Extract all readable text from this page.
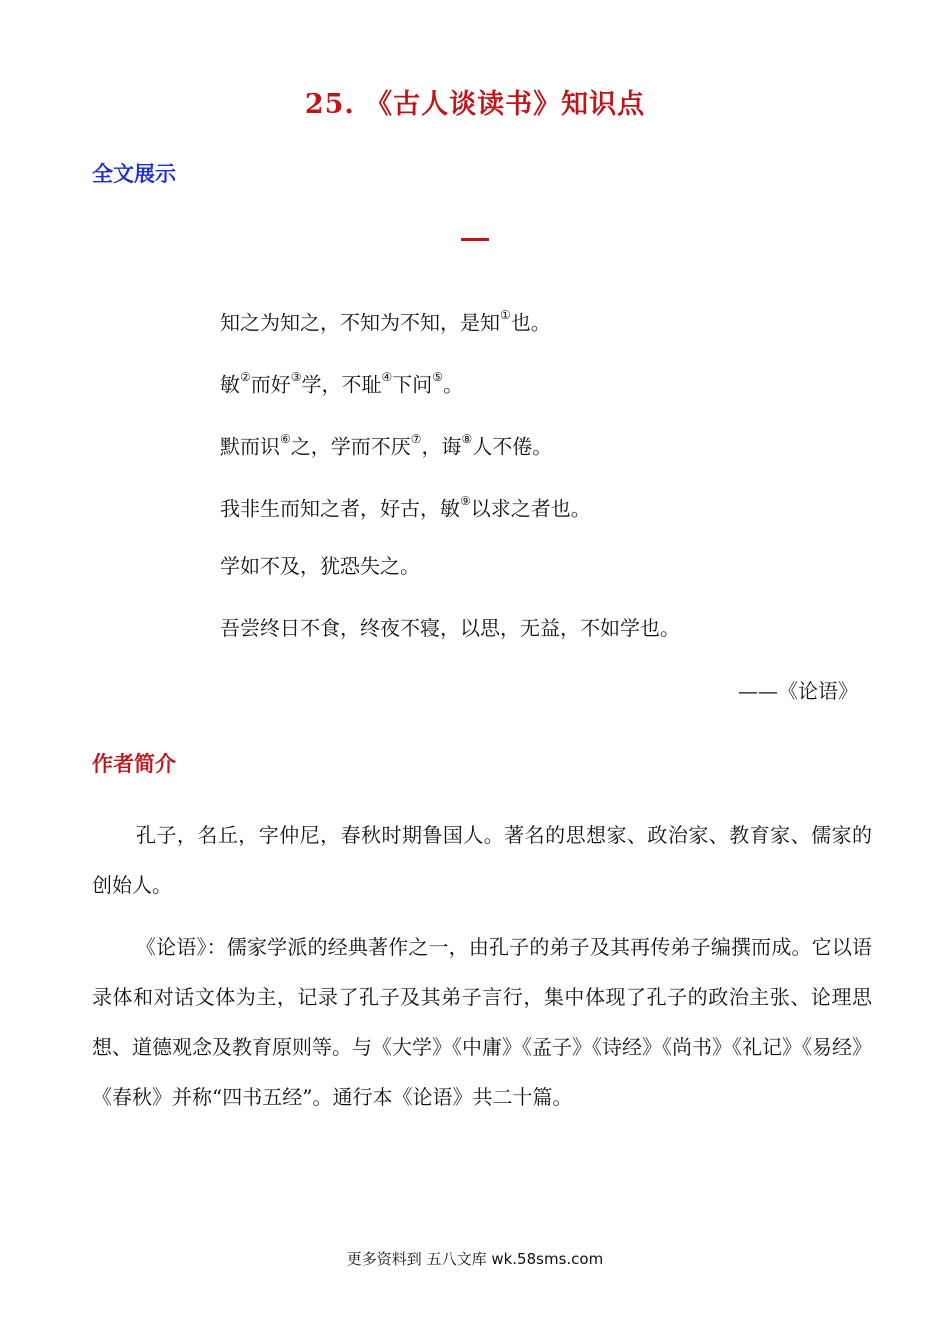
25. 《古人谈读书》知识点
全文展示
知之为知之，不知为不知，是知①也。
敏②而好③学，不耻④下问⑤。
默而识⑥之，学而不厌⑦，诲⑧人不倦。
我非生而知之者，好古，敏⑨以求之者也。
学如不及，犹恐失之。
吾尝终日不食，终夜不寝，以思，无益，不如学也。
——《论语》
作者简介
孔子，名丘，字仲尼，春秋时期鲁国人。著名的思想家、政治家、教育家、儒家的创始人。
《论语》：儒家学派的经典著作之一，由孔子的弟子及其再传弟子编撰而成。它以语录体和对话文体为主，记录了孔子及其弟子言行，集中体现了孔子的政治主张、论理思想、道德观念及教育原则等。与《大学》《中庸》《孟子》《诗经》《尚书》《礼记》《易经》《春秋》并称“四书五经”。通行本《论语》共二十篇。
更多资料到 五八文库 wk.58sms.com
